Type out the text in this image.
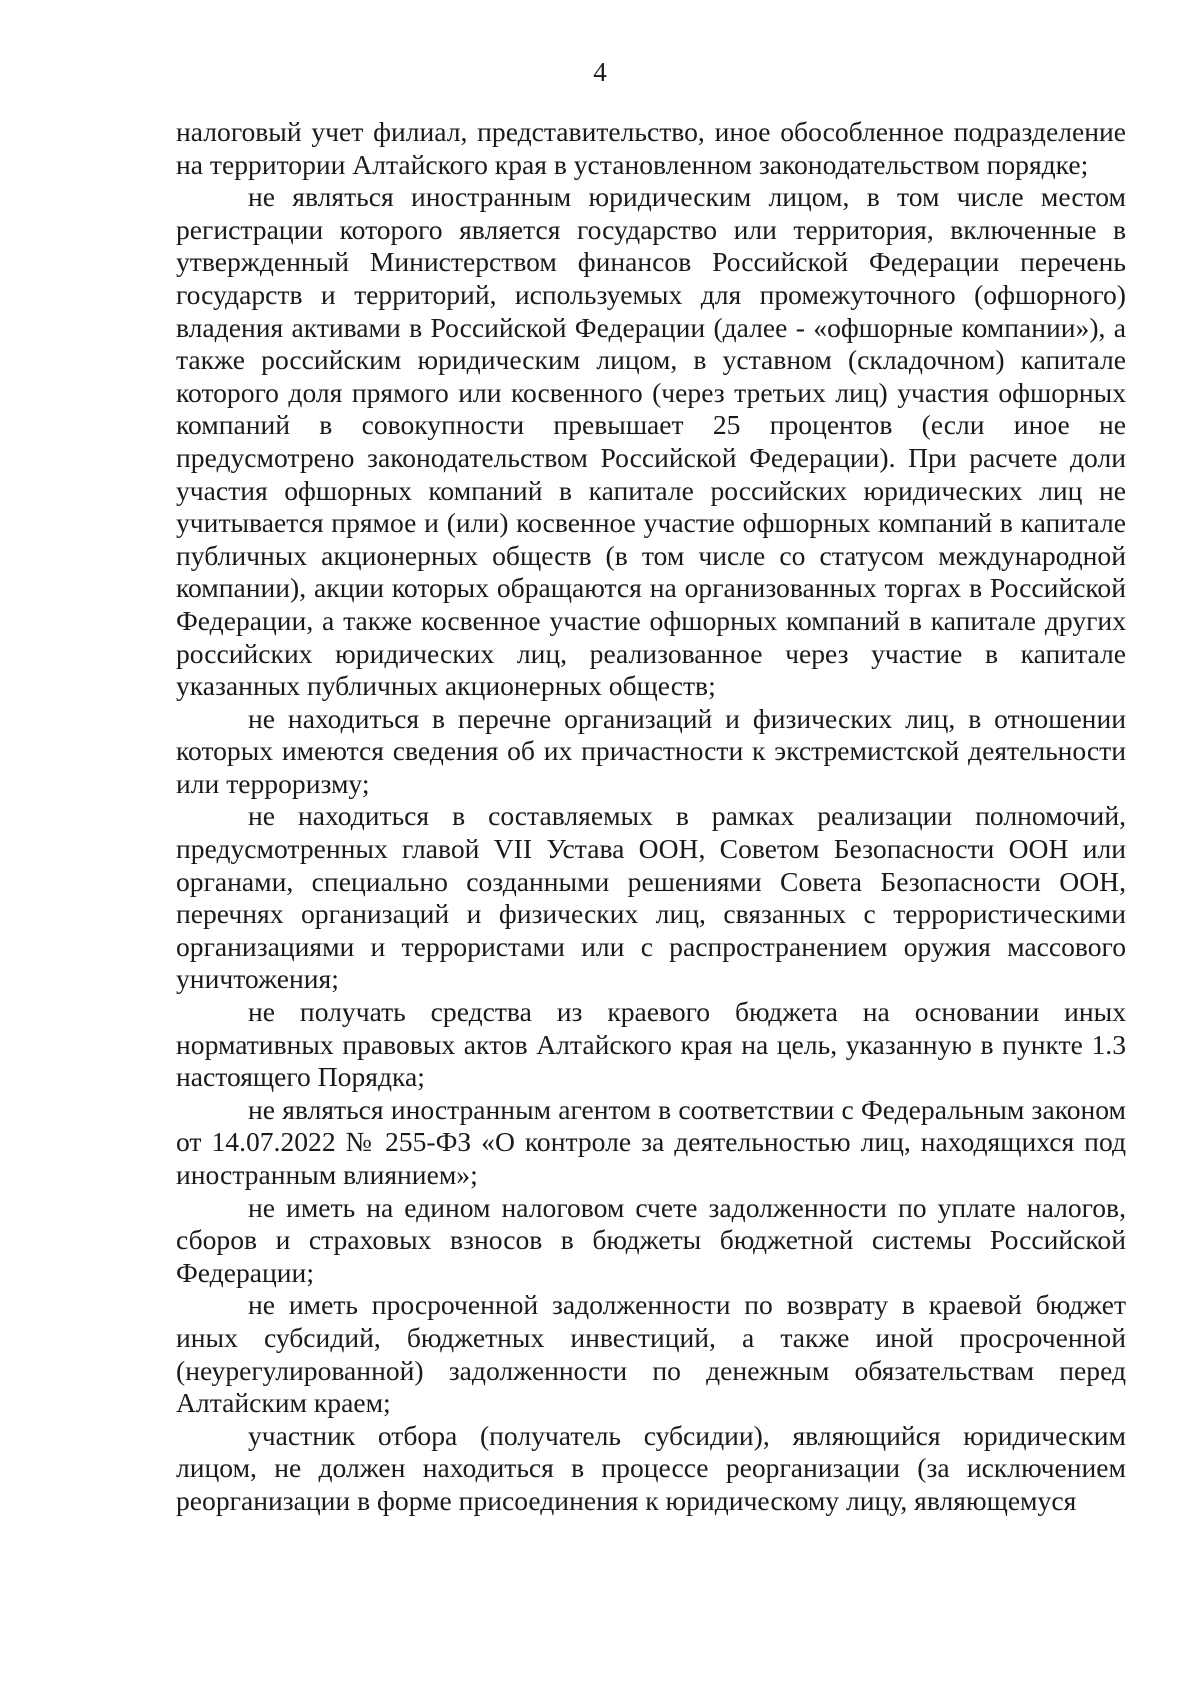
4

налоговый учет филиал, представительство, иное обособленное подразделение на территории Алтайского края в установленном законодательством порядке;

не являться иностранным юридическим лицом, в том числе местом регистрации которого является государство или территория, включенные в утвержденный Министерством финансов Российской Федерации перечень государств и территорий, используемых для промежуточного (офшорного) владения активами в Российской Федерации (далее - «офшорные компании»), а также российским юридическим лицом, в уставном (складочном) капитале которого доля прямого или косвенного (через третьих лиц) участия офшорных компаний в совокупности превышает 25 процентов (если иное не предусмотрено законодательством Российской Федерации). При расчете доли участия офшорных компаний в капитале российских юридических лиц не учитывается прямое и (или) косвенное участие офшорных компаний в капитале публичных акционерных обществ (в том числе со статусом международной компании), акции которых обращаются на организованных торгах в Российской Федерации, а также косвенное участие офшорных компаний в капитале других российских юридических лиц, реализованное через участие в капитале указанных публичных акционерных обществ;

не находиться в перечне организаций и физических лиц, в отношении которых имеются сведения об их причастности к экстремистской деятельности или терроризму;

не находиться в составляемых в рамках реализации полномочий, предусмотренных главой VII Устава ООН, Советом Безопасности ООН или органами, специально созданными решениями Совета Безопасности ООН, перечнях организаций и физических лиц, связанных с террористическими организациями и террористами или с распространением оружия массового уничтожения;

не получать средства из краевого бюджета на основании иных нормативных правовых актов Алтайского края на цель, указанную в пункте 1.3 настоящего Порядка;

не являться иностранным агентом в соответствии с Федеральным законом от 14.07.2022 № 255-ФЗ «О контроле за деятельностью лиц, находящихся под иностранным влиянием»;

не иметь на едином налоговом счете задолженности по уплате налогов, сборов и страховых взносов в бюджеты бюджетной системы Российской Федерации;

не иметь просроченной задолженности по возврату в краевой бюджет иных субсидий, бюджетных инвестиций, а также иной просроченной (неурегулированной) задолженности по денежным обязательствам перед Алтайским краем;

участник отбора (получатель субсидии), являющийся юридическим лицом, не должен находиться в процессе реорганизации (за исключением реорганизации в форме присоединения к юридическому лицу, являющемуся
